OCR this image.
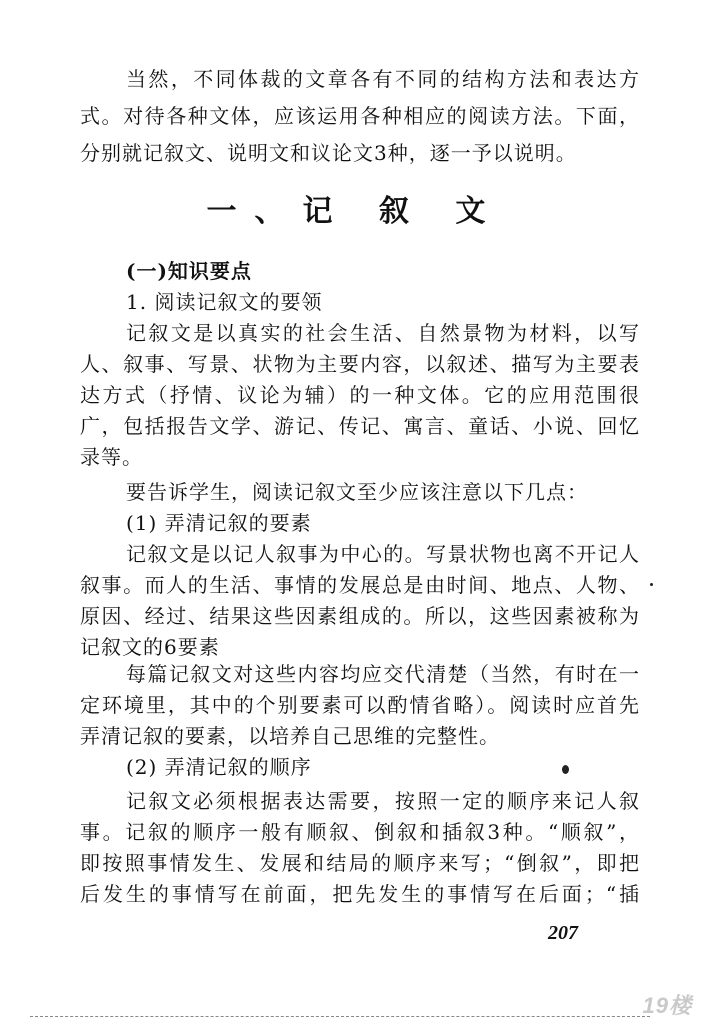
当然，不同体裁的文章各有不同的结构方法和表达方
式。对待各种文体，应该运用各种相应的阅读方法。下面，
分别就记叙文、说明文和议论文3种，逐一予以说明。
一、记 叙 文
(一)知识要点
1. 阅读记叙文的要领
记叙文是以真实的社会生活、自然景物为材料，以写
人、叙事、写景、状物为主要内容，以叙述、描写为主要表
达方式（抒情、议论为辅）的一种文体。它的应用范围很
广，包括报告文学、游记、传记、寓言、童话、小说、回忆
录等。
要告诉学生，阅读记叙文至少应该注意以下几点：
(1) 弄清记叙的要素
记叙文是以记人叙事为中心的。写景状物也离不开记人
叙事。而人的生活、事情的发展总是由时间、地点、人物、
原因、经过、结果这些因素组成的。所以，这些因素被称为
记叙文的6要素
每篇记叙文对这些内容均应交代清楚（当然，有时在一
定环境里，其中的个别要素可以酌情省略）。阅读时应首先
弄清记叙的要素，以培养自己思维的完整性。
(2) 弄清记叙的顺序
记叙文必须根据表达需要，按照一定的顺序来记人叙
事。记叙的顺序一般有顺叙、倒叙和插叙3种。“顺叙”，
即按照事情发生、发展和结局的顺序来写；“倒叙”，即把
后发生的事情写在前面，把先发生的事情写在后面；“插
207
19楼
